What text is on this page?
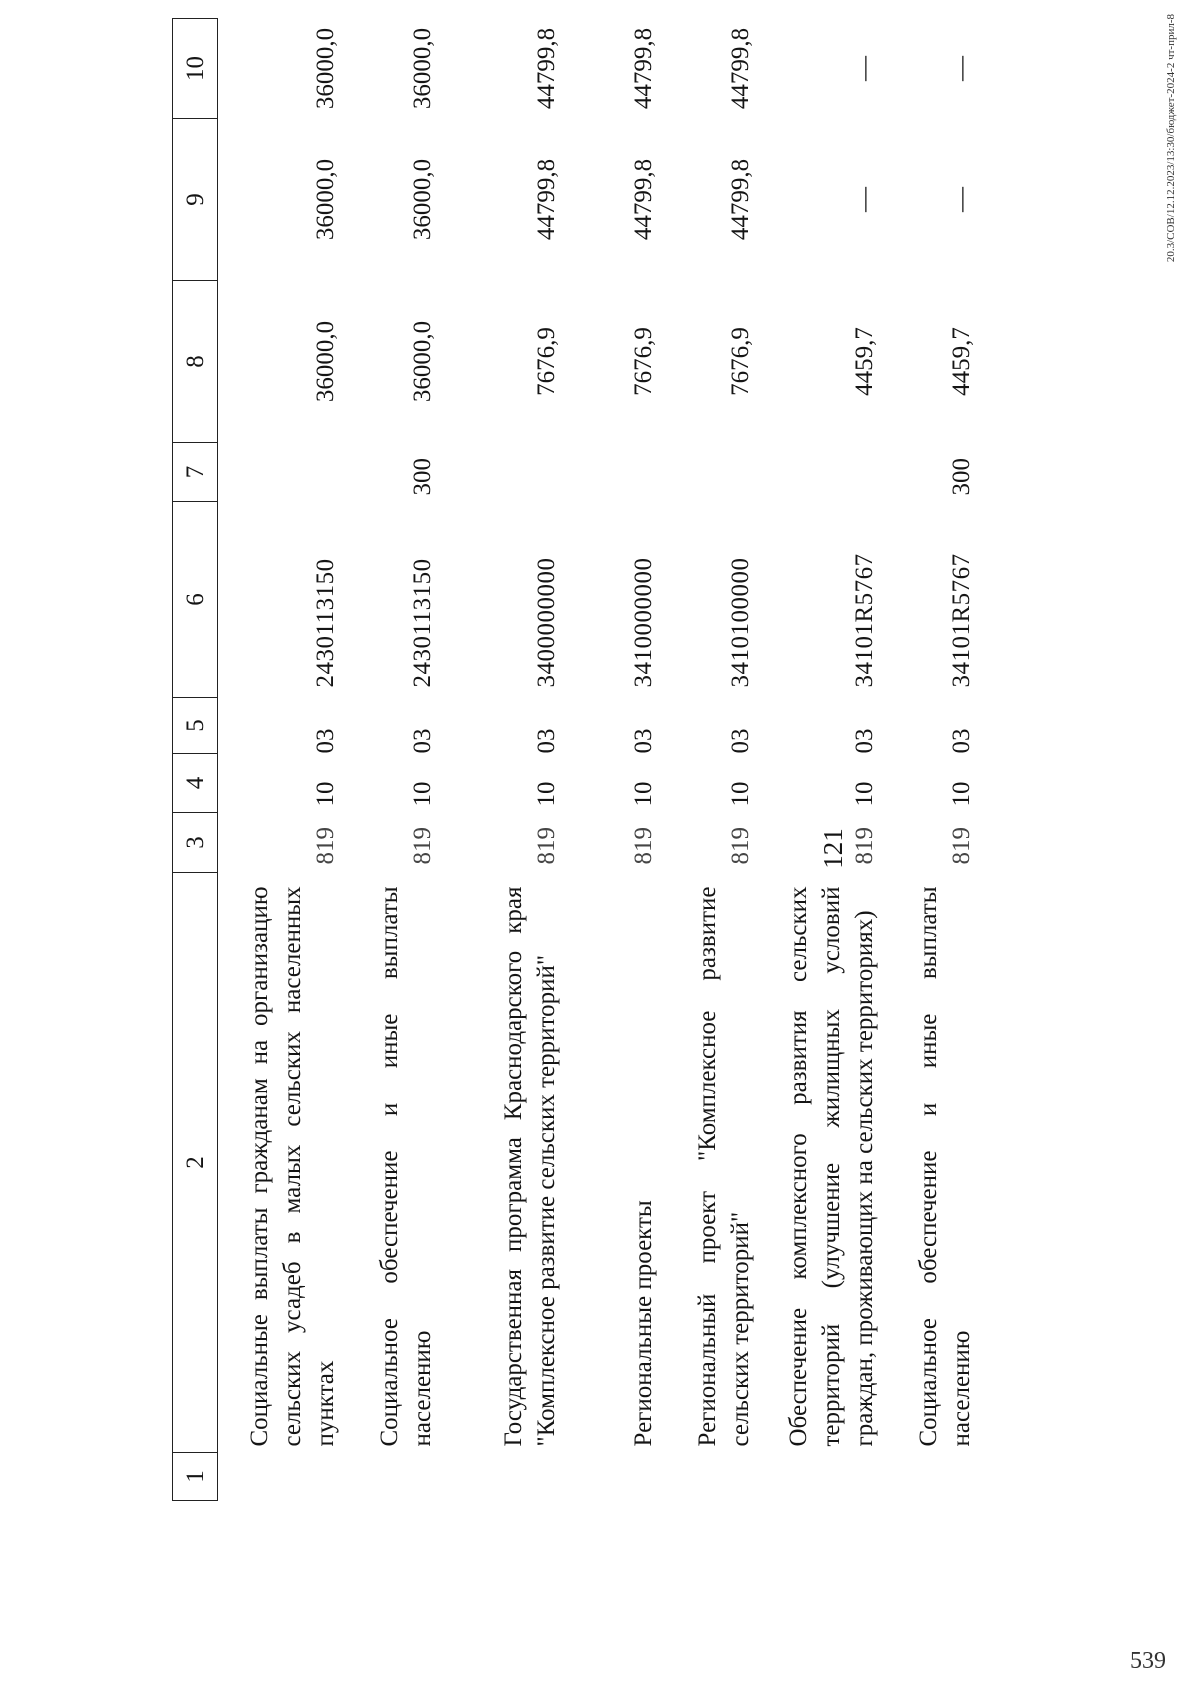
121
1	2	3	4	5	6	7	8	9	10
	Социальные выплаты гражданам на организацию сельских усадеб в малых сельских населенных пунктах	819	10	03	2430113150		36000,0	36000,0	36000,0
	Социальное обеспечение и иные выплаты населению	819	10	03	2430113150	300	36000,0	36000,0	36000,0
	Государственная программа Краснодарского края "Комплексное развитие сельских территорий"	819	10	03	3400000000		7676,9	44799,8	44799,8
	Региональные проекты	819	10	03	3410000000		7676,9	44799,8	44799,8
	Региональный проект "Комплексное развитие сельских территорий"	819	10	03	3410100000		7676,9	44799,8	44799,8
	Обеспечение комплексного развития сельских территорий (улучшение жилищных условий граждан, проживающих на сельских территориях)	819	10	03	34101R5767		4459,7	—	—
	Социальное обеспечение и иные выплаты населению	819	10	03	34101R5767	300	4459,7	—	—	20.3/СОВ/12.12.2023/13:30/бюджет-2024-2 чт-прил-8
539
